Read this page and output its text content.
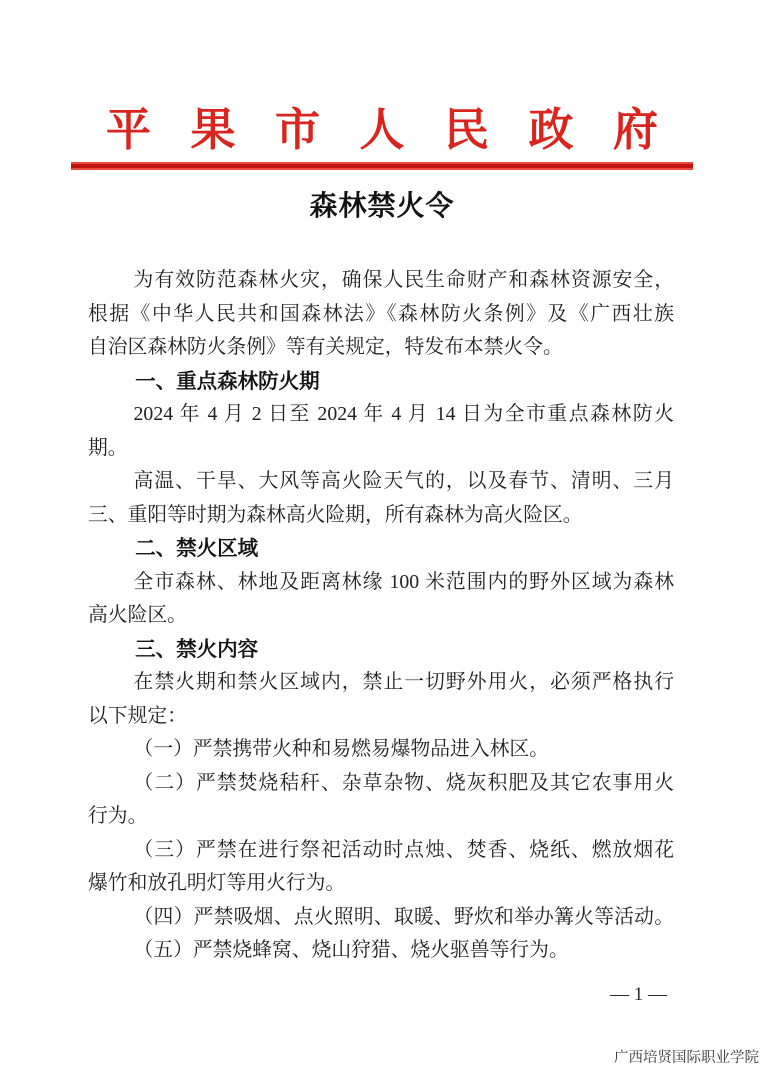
平果市人民政府
森林禁火令
为有效防范森林火灾，确保人民生命财产和森林资源安全，
根据《中华人民共和国森林法》《森林防火条例》及《广西壮族
自治区森林防火条例》等有关规定，特发布本禁火令。
一、重点森林防火期
2024 年 4 月 2 日至 2024 年 4 月 14 日为全市重点森林防火
期。
高温、干旱、大风等高火险天气的，以及春节、清明、三月
三、重阳等时期为森林高火险期，所有森林为高火险区。
二、禁火区域
全市森林、林地及距离林缘 100 米范围内的野外区域为森林
高火险区。
三、禁火内容
在禁火期和禁火区域内，禁止一切野外用火，必须严格执行
以下规定：
（一）严禁携带火种和易燃易爆物品进入林区。
（二）严禁焚烧秸秆、杂草杂物、烧灰积肥及其它农事用火
行为。
（三）严禁在进行祭祀活动时点烛、焚香、烧纸、燃放烟花
爆竹和放孔明灯等用火行为。
（四）严禁吸烟、点火照明、取暖、野炊和举办篝火等活动。
（五）严禁烧蜂窝、烧山狩猎、烧火驱兽等行为。
— 1 —
广西培贤国际职业学院
